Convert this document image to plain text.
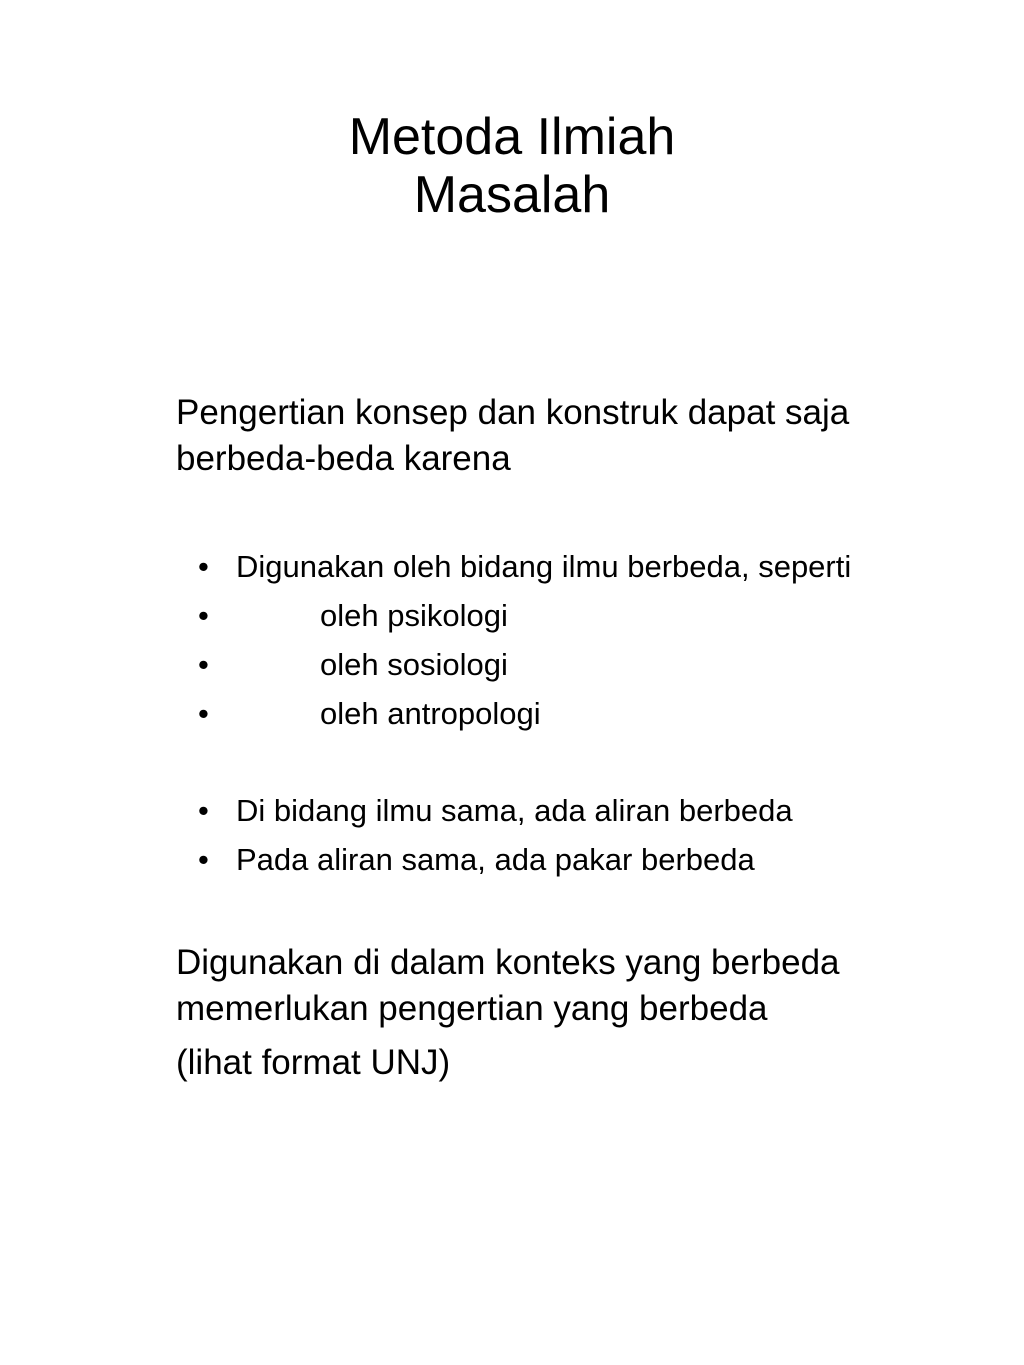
Metoda Ilmiah
Masalah
Pengertian konsep dan konstruk dapat saja berbeda-beda karena
• Digunakan oleh bidang ilmu berbeda, seperti
•	oleh psikologi
•	oleh sosiologi
•	oleh antropologi
• Di bidang ilmu sama, ada aliran berbeda
• Pada aliran sama, ada pakar berbeda
Digunakan di dalam konteks yang berbeda memerlukan pengertian yang berbeda
(lihat format UNJ)
